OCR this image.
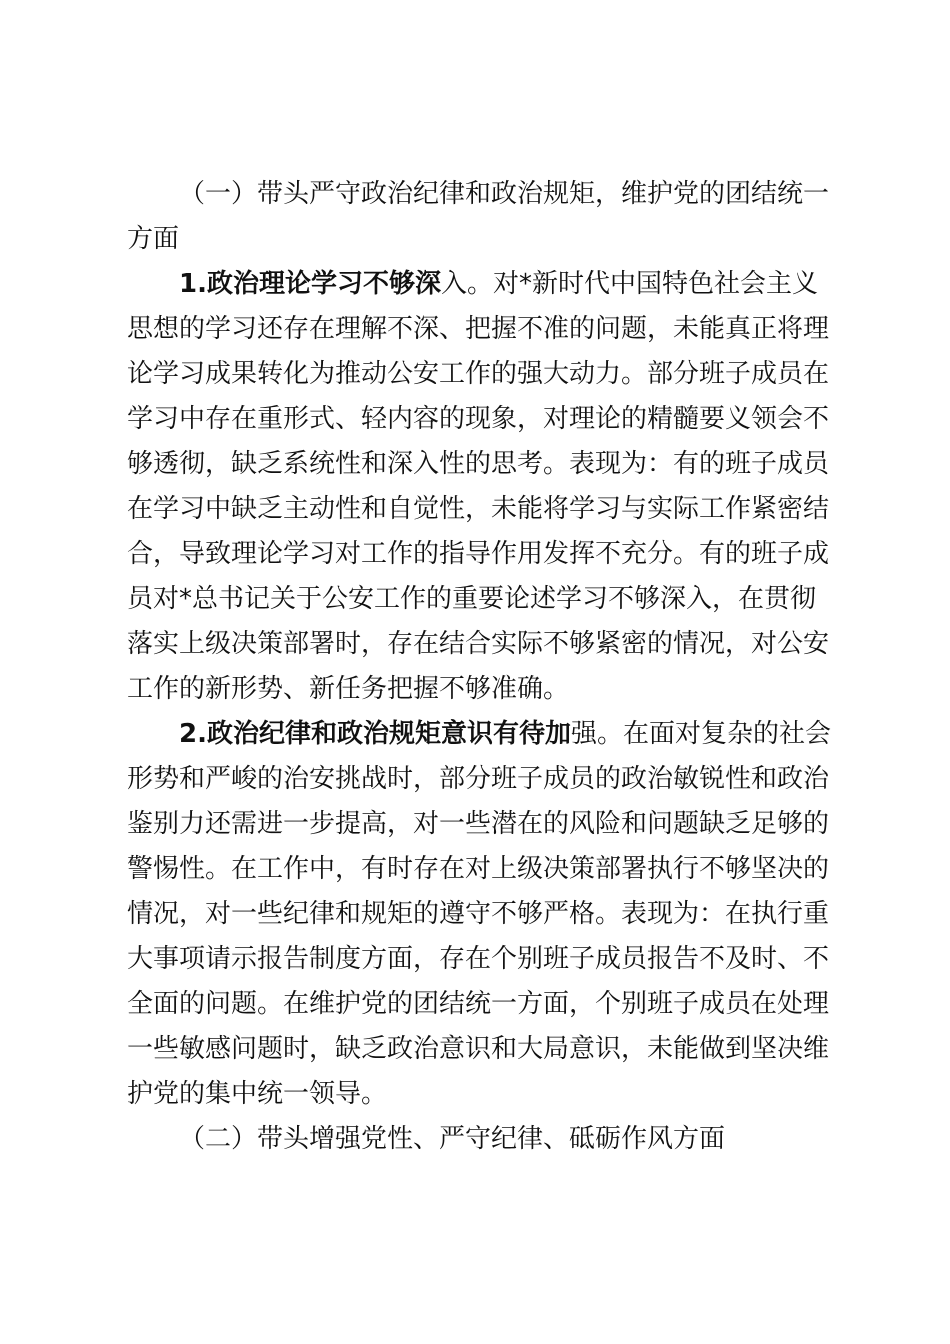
（一）带头严守政治纪律和政治规矩，维护党的团结统一方面

1.政治理论学习不够深入。对*新时代中国特色社会主义思想的学习还存在理解不深、把握不准的问题，未能真正将理论学习成果转化为推动公安工作的强大动力。部分班子成员在学习中存在重形式、轻内容的现象，对理论的精髓要义领会不够透彻，缺乏系统性和深入性的思考。表现为：有的班子成员在学习中缺乏主动性和自觉性，未能将学习与实际工作紧密结合，导致理论学习对工作的指导作用发挥不充分。有的班子成员对*总书记关于公安工作的重要论述学习不够深入，在贯彻落实上级决策部署时，存在结合实际不够紧密的情况，对公安工作的新形势、新任务把握不够准确。

2.政治纪律和政治规矩意识有待加强。在面对复杂的社会形势和严峻的治安挑战时，部分班子成员的政治敏锐性和政治鉴别力还需进一步提高，对一些潜在的风险和问题缺乏足够的警惕性。在工作中，有时存在对上级决策部署执行不够坚决的情况，对一些纪律和规矩的遵守不够严格。表现为：在执行重大事项请示报告制度方面，存在个别班子成员报告不及时、不全面的问题。在维护党的团结统一方面，个别班子成员在处理一些敏感问题时，缺乏政治意识和大局意识，未能做到坚决维护党的集中统一领导。

（二）带头增强党性、严守纪律、砥砺作风方面
